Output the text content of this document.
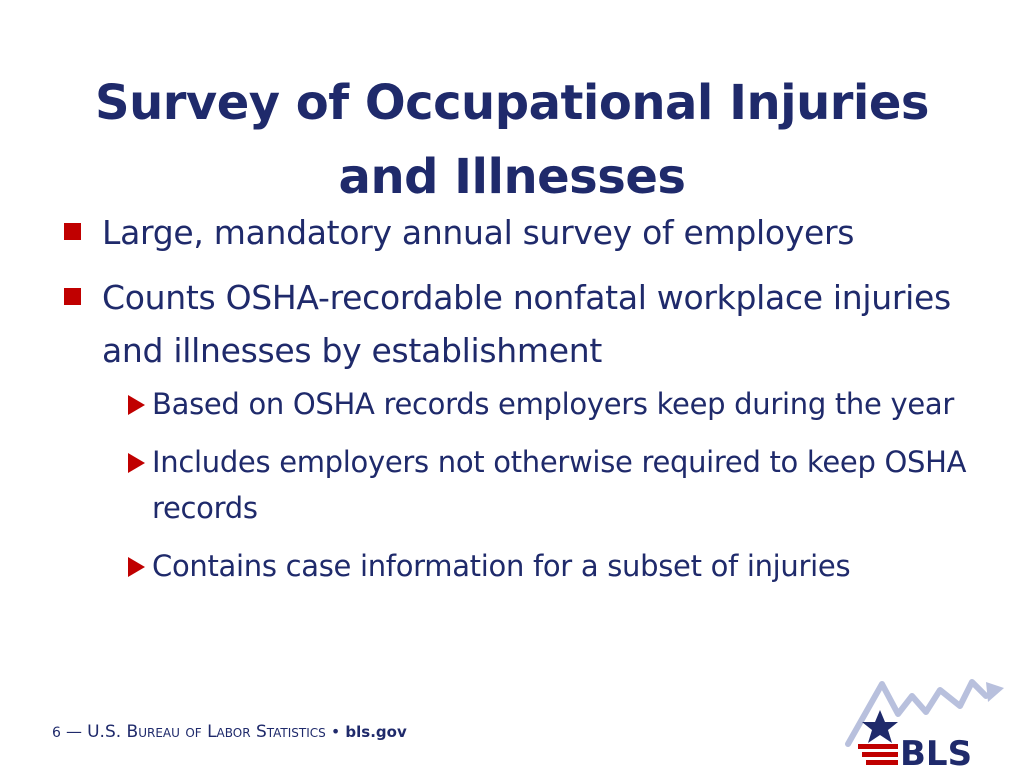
Survey of Occupational Injuries
and Illnesses
Large, mandatory annual survey of employers
Counts OSHA-recordable nonfatal workplace injuries and illnesses by establishment
Based on OSHA records employers keep during the year
Includes employers not otherwise required to keep OSHA records
Contains case information for a subset of injuries
6 — U.S. Bureau of Labor Statistics • bls.gov
BLS
